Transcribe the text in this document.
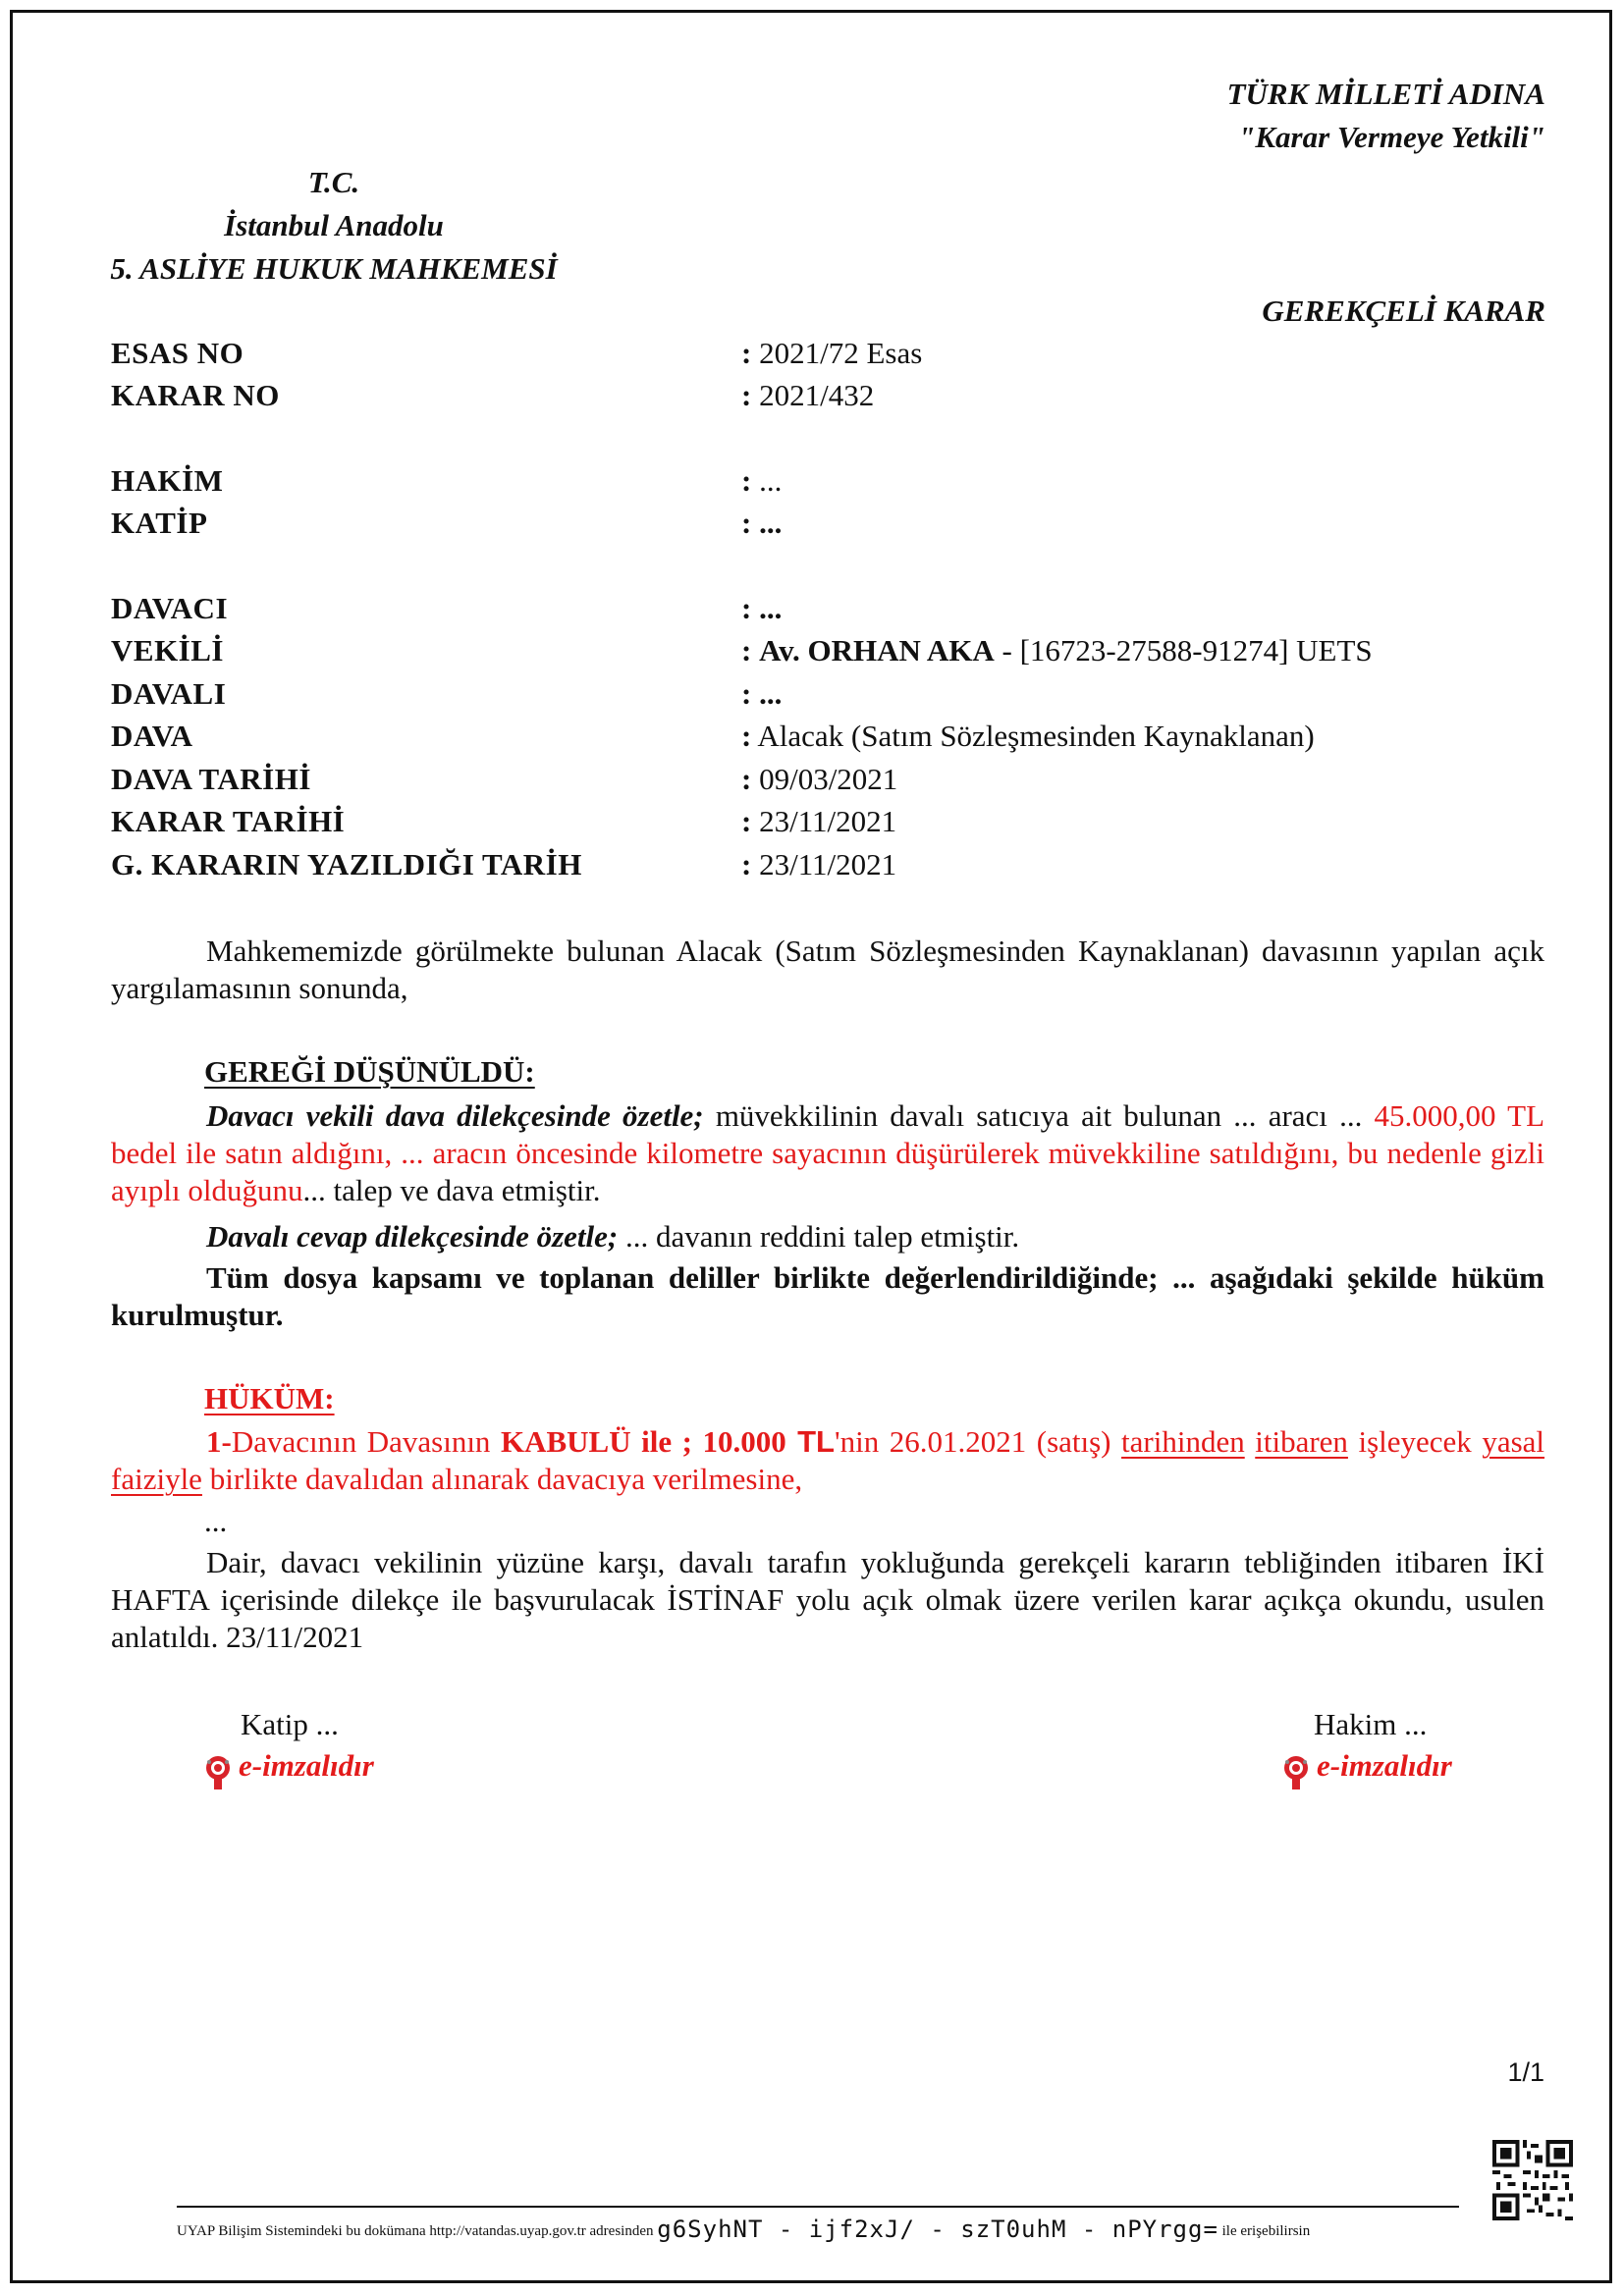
TÜRK MİLLETİ ADINA
"Karar Vermeye Yetkili"
T.C.
İstanbul Anadolu
5. ASLİYE HUKUK MAHKEMESİ
GEREKÇELİ KARAR
ESAS NO	: 2021/72 Esas
KARAR NO	: 2021/432
HAKİM	: ...
KATİP	: ...
DAVACI	: ...
VEKİLİ	: Av. ORHAN AKA - [16723-27588-91274] UETS
DAVALI	: ...
DAVA	: Alacak (Satım Sözleşmesinden Kaynaklanan)
DAVA TARİHİ	: 09/03/2021
KARAR TARİHİ	: 23/11/2021
G. KARARIN YAZILDIĞI TARİH	: 23/11/2021
Mahkememizde görülmekte bulunan Alacak (Satım Sözleşmesinden Kaynaklanan) davasının yapılan açık yargılamasının sonunda,
GEREĞİ DÜŞÜNÜLDÜ:
Davacı vekili dava dilekçesinde özetle; müvekkilinin davalı satıcıya ait bulunan ... aracı ... 45.000,00 TL bedel ile satın aldığını, ... aracın öncesinde kilometre sayacının düşürülerek müvekkiline satıldığını, bu nedenle gizli ayıplı olduğunu... talep ve dava etmiştir.
Davalı cevap dilekçesinde özetle; ... davanın reddini talep etmiştir.
Tüm dosya kapsamı ve toplanan deliller birlikte değerlendirildiğinde; ... aşağıdaki şekilde hüküm kurulmuştur.
HÜKÜM:
1-Davacının Davasının KABULÜ ile ; 10.000 TL'nin 26.01.2021 (satış) tarihinden itibaren işleyecek yasal faiziyle birlikte davalıdan alınarak davacıya verilmesine,
...
Dair, davacı vekilinin yüzüne karşı, davalı tarafın yokluğunda gerekçeli kararın tebliğinden itibaren İKİ HAFTA içerisinde dilekçe ile başvurulacak İSTİNAF yolu açık olmak üzere verilen karar açıkça okundu, usulen anlatıldı. 23/11/2021
Katip ...
e-imzalıdır
Hakim ...
e-imzalıdır
1/1
UYAP Bilişim Sistemindeki bu dokümana http://vatandas.uyap.gov.tr adresinden g6SyhNT - ijf2xJ/ - szT0uhM - nPYrgg= ile erişebilirsin
